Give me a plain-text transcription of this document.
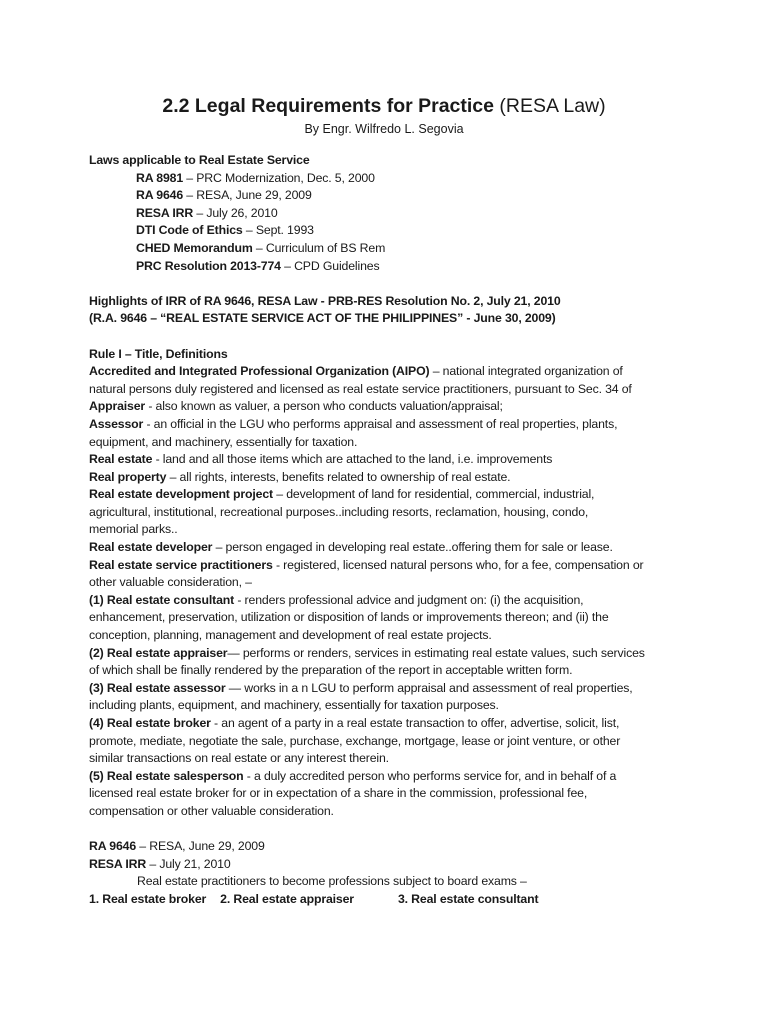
2.2 Legal Requirements for Practice (RESA Law)
By Engr. Wilfredo L. Segovia
Laws applicable to Real Estate Service
RA 8981 – PRC Modernization, Dec. 5, 2000
RA 9646 – RESA, June 29, 2009
RESA IRR – July 26, 2010
DTI Code of Ethics – Sept. 1993
CHED Memorandum – Curriculum of BS Rem
PRC Resolution 2013-774 – CPD Guidelines
Highlights of IRR of RA 9646, RESA Law - PRB-RES Resolution No. 2, July 21, 2010
(R.A. 9646 – “REAL ESTATE SERVICE ACT OF THE PHILIPPINES” - June 30, 2009)
Rule I – Title, Definitions
Accredited and Integrated Professional Organization (AIPO) – national integrated organization of
natural persons duly registered and licensed as real estate service practitioners, pursuant to Sec. 34 of
Appraiser - also known as valuer, a person who conducts valuation/appraisal;
Assessor - an official in the LGU who performs appraisal and assessment of real properties, plants,
equipment, and machinery, essentially for taxation.
Real estate - land and all those items which are attached to the land, i.e. improvements
Real property – all rights, interests, benefits related to ownership of real estate.
Real estate development project – development of land for residential, commercial, industrial,
agricultural, institutional, recreational purposes..including resorts, reclamation, housing, condo,
memorial parks..
Real estate developer – person engaged in developing real estate..offering them for sale or lease.
Real estate service practitioners - registered, licensed natural persons who, for a fee, compensation or
other valuable consideration, –
(1) Real estate consultant - renders professional advice and judgment on: (i) the acquisition,
enhancement, preservation, utilization or disposition of lands or improvements thereon; and (ii) the
conception, planning, management and development of real estate projects.
(2) Real estate appraiser— performs or renders, services in estimating real estate values, such services
of which shall be finally rendered by the preparation of the report in acceptable written form.
(3) Real estate assessor — works in a n LGU to perform appraisal and assessment of real properties,
including plants, equipment, and machinery, essentially for taxation purposes.
(4) Real estate broker - an agent of a party in a real estate transaction to offer, advertise, solicit, list,
promote, mediate, negotiate the sale, purchase, exchange, mortgage, lease or joint venture, or other
similar transactions on real estate or any interest therein.
(5) Real estate salesperson - a duly accredited person who performs service for, and in behalf of a
licensed real estate broker for or in expectation of a share in the commission, professional fee,
compensation or other valuable consideration.
RA 9646 – RESA, June 29, 2009
RESA IRR – July 21, 2010
Real estate practitioners to become professions subject to board exams –
1. Real estate broker 2. Real estate appraiser	3. Real estate consultant
